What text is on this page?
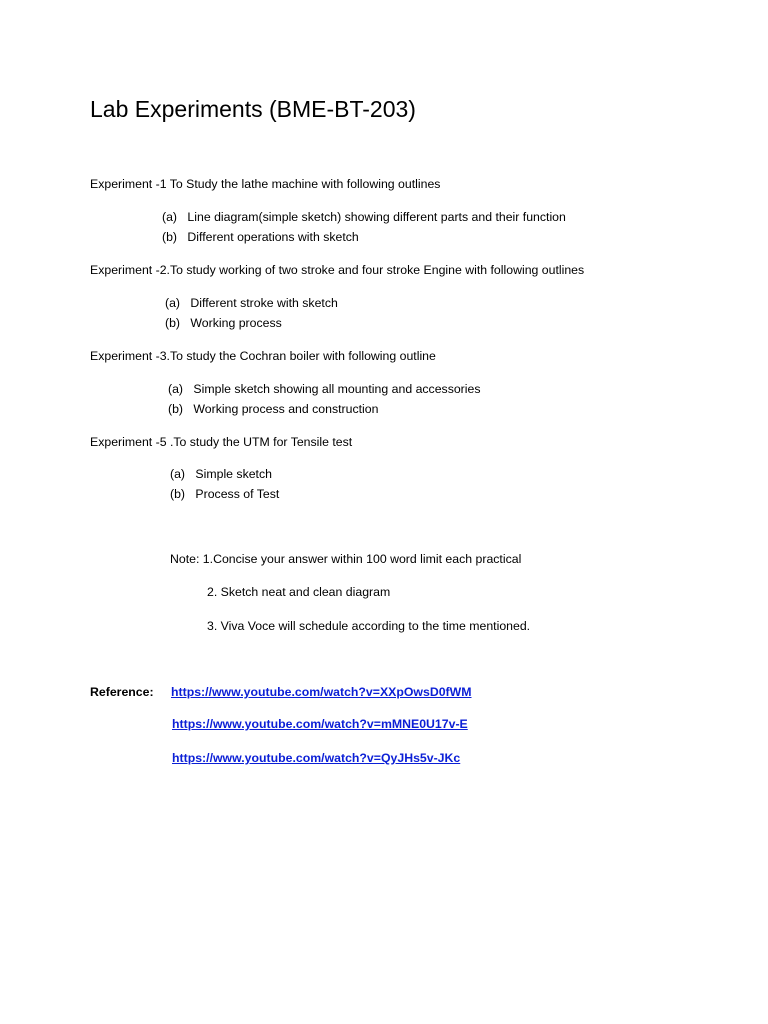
Lab Experiments (BME-BT-203)
Experiment -1 To Study the lathe machine with following outlines
(a) Line diagram(simple sketch) showing different parts and their function
(b) Different operations with sketch
Experiment -2.To study working of two stroke and four stroke Engine with following outlines
(a) Different stroke with sketch
(b) Working process
Experiment -3.To study the Cochran boiler with following outline
(a) Simple sketch showing all mounting and accessories
(b) Working process and construction
Experiment -5 .To study the UTM for Tensile test
(a) Simple sketch
(b) Process of Test
Note: 1.Concise your answer within 100 word limit each practical
2. Sketch neat and clean diagram
3. Viva Voce will schedule according to the time mentioned.
Reference: https://www.youtube.com/watch?v=XXpOwsD0fWM
https://www.youtube.com/watch?v=mMNE0U17v-E
https://www.youtube.com/watch?v=QyJHs5v-JKc
